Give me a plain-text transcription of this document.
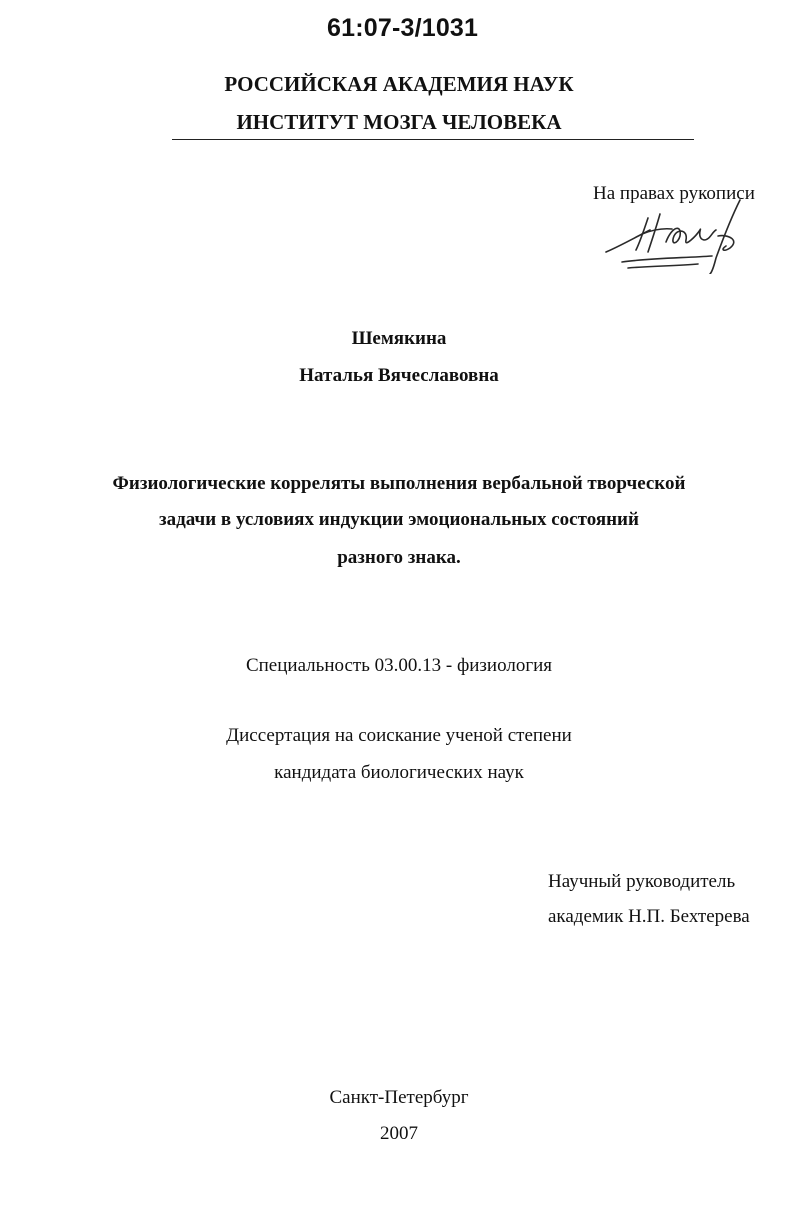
61:07-3/1031
РОССИЙСКАЯ АКАДЕМИЯ НАУК
ИНСТИТУТ МОЗГА ЧЕЛОВЕКА
На правах рукописи
Шемякина
Наталья Вячеславовна
Физиологические корреляты выполнения вербальной творческой
задачи в условиях индукции эмоциональных состояний
разного знака.
Специальность 03.00.13 - физиология
Диссертация на соискание ученой степени
кандидата биологических наук
Научный руководитель
академик Н.П. Бехтерева
Санкт-Петербург
2007
